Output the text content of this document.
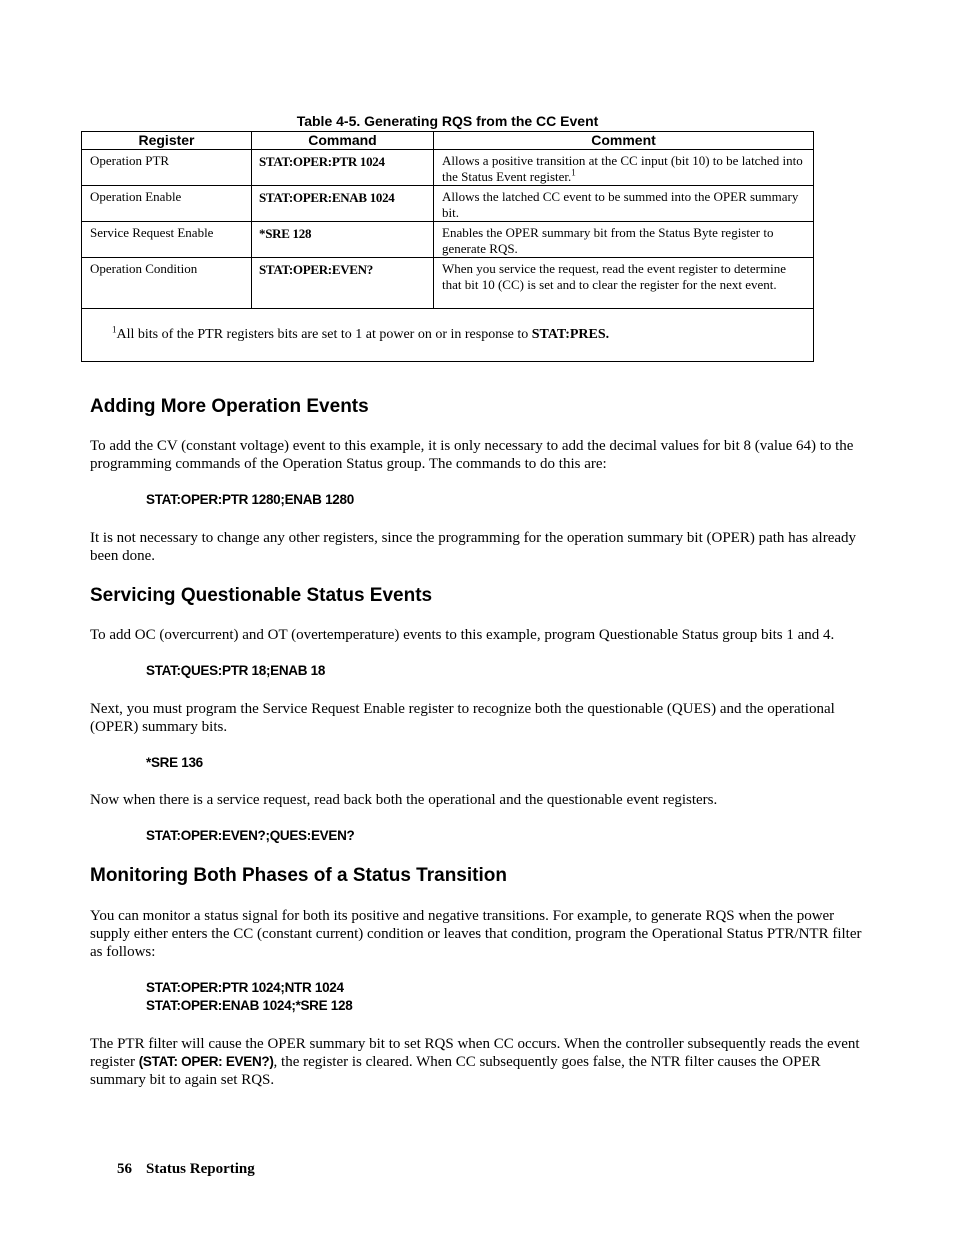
Table 4-5. Generating RQS from the CC Event
Register	Command	Comment
Operation PTR	STAT:OPER:PTR 1024	Allows a positive transition at the CC input (bit 10) to be latched into the Status Event register.$^1$
Operation Enable	STAT:OPER:ENAB 1024	Allows the latched CC event to be summed into the OPER summary bit.
Service Request Enable	*SRE 128	Enables the OPER summary bit from the Status Byte register to generate RQS.
Operation Condition	STAT:OPER:EVEN?	When you service the request, read the event register to determine that bit 10 (CC) is set and to clear the register for the next event.
$^1$All bits of the PTR registers bits are set to 1 at power on or in response to STAT:PRES.		
Adding More Operation Events

To add the CV (constant voltage) event to this example, it is only necessary to add the decimal values for bit 8 (value 64) to the programming commands of the Operation Status group. The commands to do this are:

STAT:OPER:PTR 1280;ENAB 1280

It is not necessary to change any other registers, since the programming for the operation summary bit (OPER) path has already been done.

Servicing Questionable Status Events

To add OC (overcurrent) and OT (overtemperature) events to this example, program Questionable Status group bits 1 and 4.

STAT:QUES:PTR 18;ENAB 18

Next, you must program the Service Request Enable register to recognize both the questionable (QUES) and the operational (OPER) summary bits.

*SRE 136

Now when there is a service request, read back both the operational and the questionable event registers.

STAT:OPER:EVEN?;QUES:EVEN?
Monitoring Both Phases of a Status Transition

You can monitor a status signal for both its positive and negative transitions. For example, to generate RQS when the power supply either enters the CC (constant current) condition or leaves that condition, program the Operational Status PTR/NTR filter as follows:

STAT:OPER:PTR 1024;NTR 1024
STAT:OPER:ENAB 1024;*SRE 128

The PTR filter will cause the OPER summary bit to set RQS when CC occurs. When the controller subsequently reads the event register (STAT: OPER: EVEN?), the register is cleared. When CC subsequently goes false, the NTR filter causes the OPER summary bit to again set RQS.

56 Status Reporting
